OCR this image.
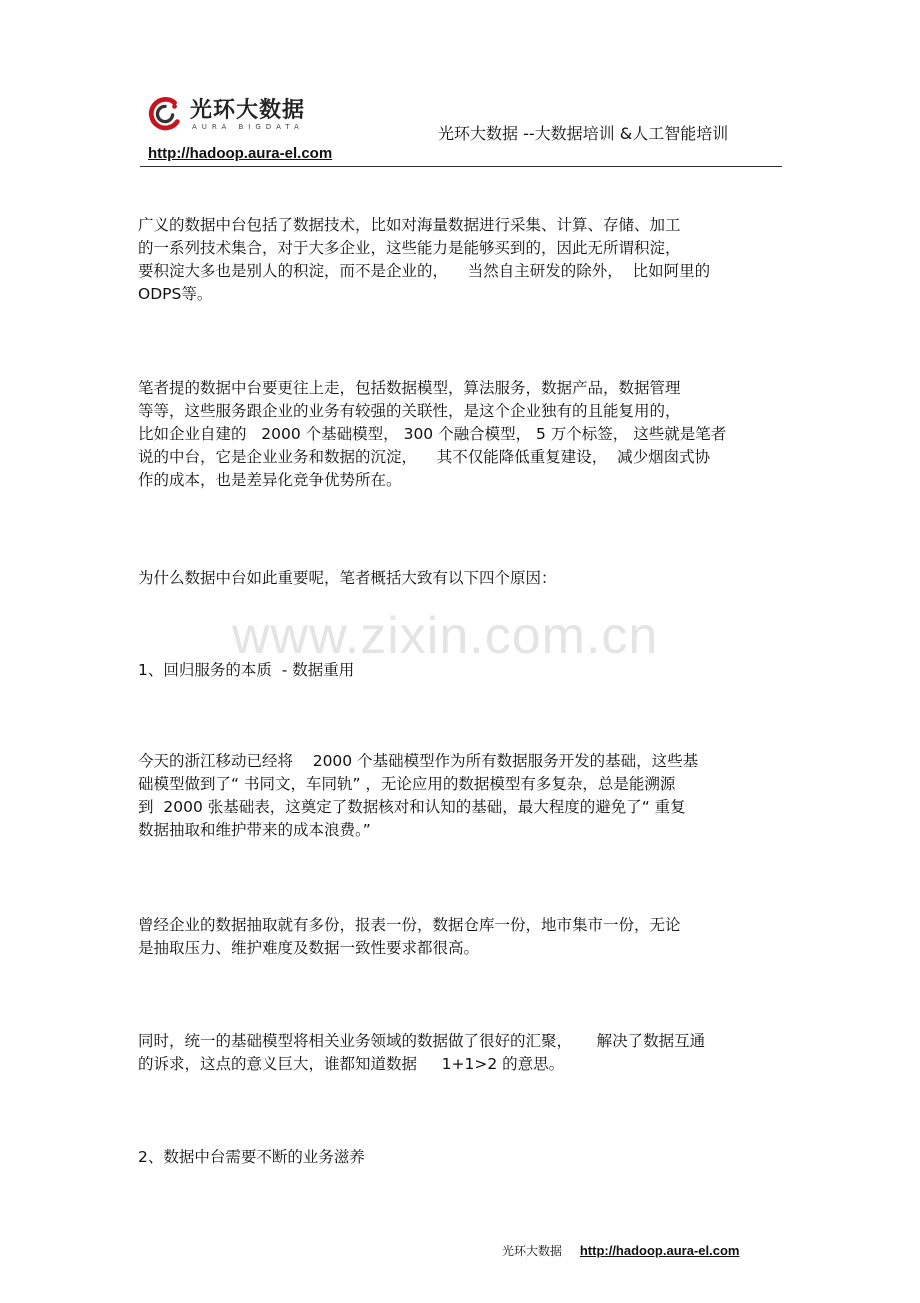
光环大数据
AURA BIGDATA	光环大数据 --大数据培训 &人工智能培训
http://hadoop.aura-el.com
广义的数据中台包括了数据技术，比如对海量数据进行采集、计算、存储、加工
的一系列技术集合，对于大多企业，这些能力是能够买到的，因此无所谓积淀，
要积淀大多也是别人的积淀，而不是企业的，    当然自主研发的除外，  比如阿里的
ODPS等。
笔者提的数据中台要更往上走，包括数据模型，算法服务，数据产品，数据管理
等等，这些服务跟企业的业务有较强的关联性，是这个企业独有的且能复用的，
比如企业自建的   2000 个基础模型， 300 个融合模型， 5 万个标签， 这些就是笔者
说的中台，它是企业业务和数据的沉淀，    其不仅能降低重复建设，  减少烟囱式协
作的成本，也是差异化竞争优势所在。
为什么数据中台如此重要呢，笔者概括大致有以下四个原因：
www.zixin.com.cn
1、回归服务的本质  - 数据重用
今天的浙江移动已经将    2000 个基础模型作为所有数据服务开发的基础，这些基
础模型做到了“ 书同文，车同轨” ，无论应用的数据模型有多复杂，总是能溯源
到  2000 张基础表，这奠定了数据核对和认知的基础，最大程度的避免了“ 重复
数据抽取和维护带来的成本浪费。”
曾经企业的数据抽取就有多份，报表一份，数据仓库一份，地市集市一份，无论
是抽取压力、维护难度及数据一致性要求都很高。
同时，统一的基础模型将相关业务领域的数据做了很好的汇聚，     解决了数据互通
的诉求，这点的意义巨大，谁都知道数据     1+1>2 的意思。
2、数据中台需要不断的业务滋养
光环大数据 http://hadoop.aura-el.com
